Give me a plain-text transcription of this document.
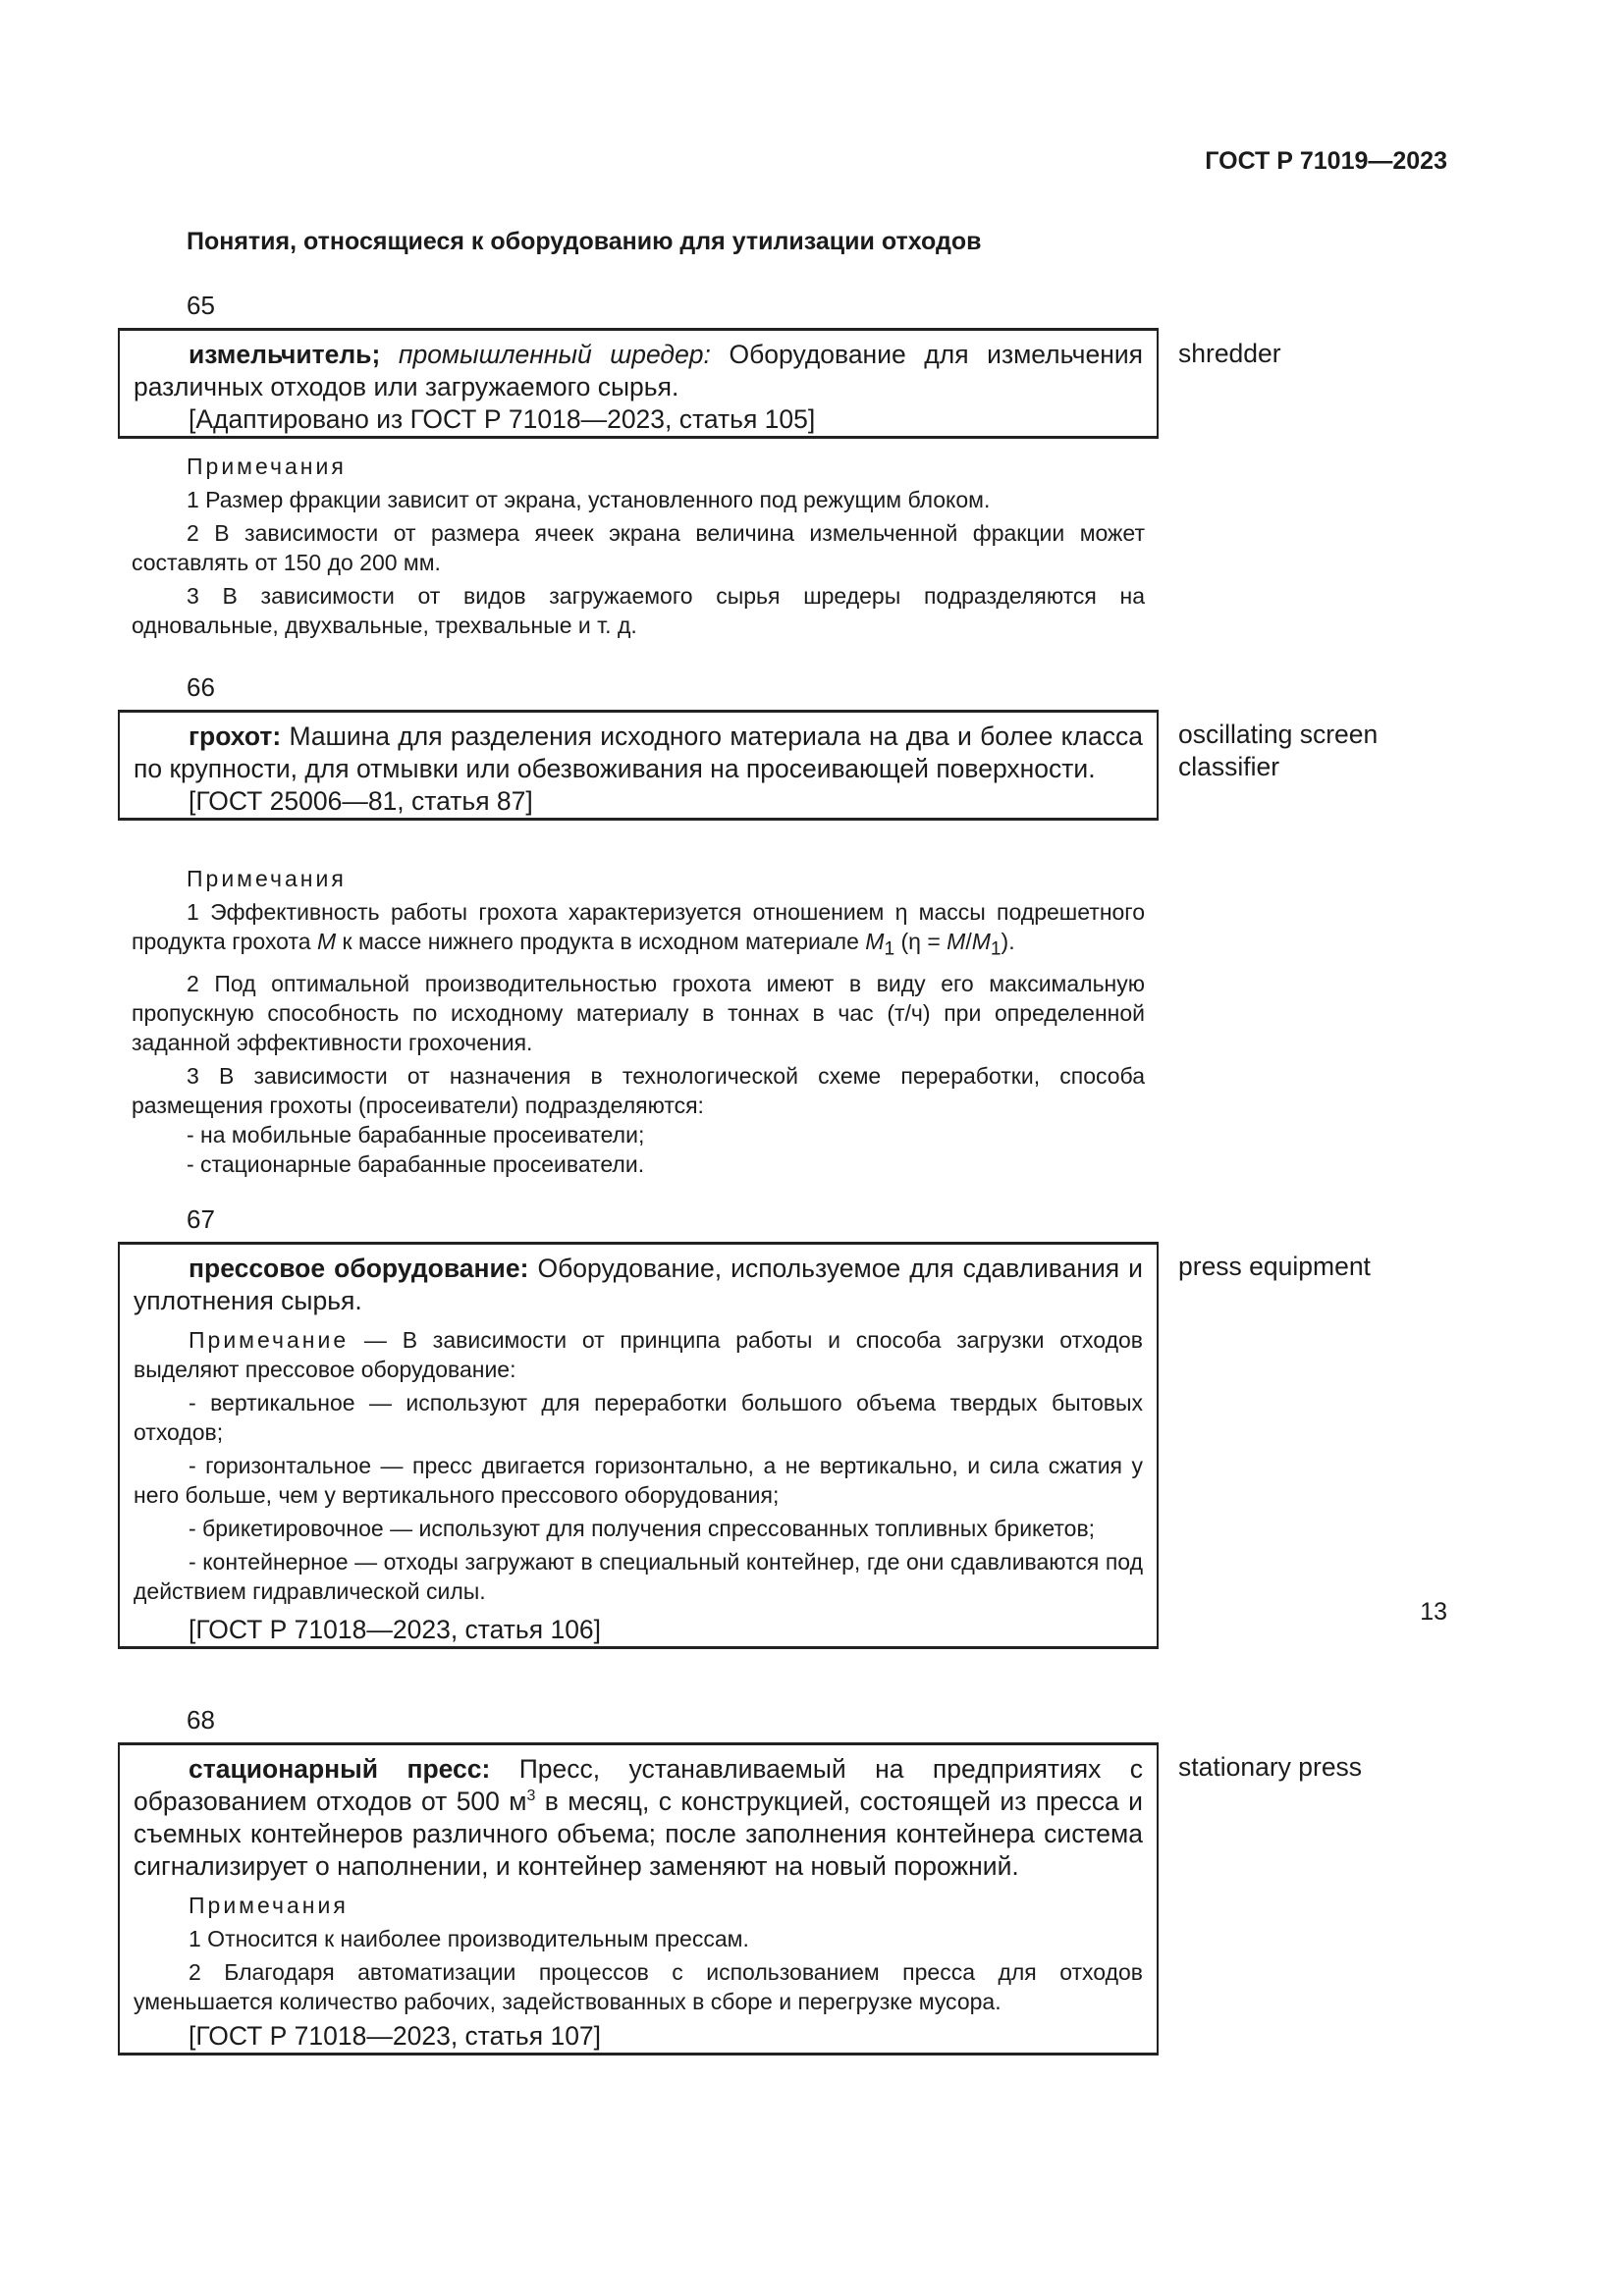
ГОСТ Р 71019—2023
Понятия, относящиеся к оборудованию для утилизации отходов
65

измельчитель; промышленный шредер: Оборудование для измельчения различных отходов или загружаемого сырья.

[Адаптировано из ГОСТ Р 71018—2023, статья 105]

shredder

Примечания

1 Размер фракции зависит от экрана, установленного под режущим блоком.

2 В зависимости от размера ячеек экрана величина измельченной фракции может составлять от 150 до 200 мм.

3 В зависимости от видов загружаемого сырья шредеры подразделяются на одновальные, двухвальные, трехвальные и т. д.

66

грохот: Машина для разделения исходного материала на два и более класса по крупности, для отмывки или обезвоживания на просеивающей поверхности.

[ГОСТ 25006—81, статья 87]

oscillating screen classifier

Примечания

1 Эффективность работы грохота характеризуется отношением η массы подрешетного продукта грохота M к массе нижнего продукта в исходном материале $M_1$ $(\eta = M/M_1)$.

2 Под оптимальной производительностью грохота имеют в виду его максимальную пропускную способность по исходному материалу в тоннах в час (т/ч) при определенной заданной эффективности грохочения.

3 В зависимости от назначения в технологической схеме переработки, способа размещения грохоты (просеиватели) подразделяются:

- на мобильные барабанные просеиватели;

- стационарные барабанные просеиватели.

67

прессовое оборудование: Оборудование, используемое для сдавливания и уплотнения сырья.

Примечание — В зависимости от принципа работы и способа загрузки отходов выделяют прессовое оборудование:

- вертикальное — используют для переработки большого объема твердых бытовых отходов;

- горизонтальное — пресс двигается горизонтально, а не вертикально, и сила сжатия у него больше, чем у вертикального прессового оборудования;

- брикетировочное — используют для получения спрессованных топливных брикетов;

- контейнерное — отходы загружают в специальный контейнер, где они сдавливаются под действием гидравлической силы.

[ГОСТ Р 71018—2023, статья 106]

press equipment
68

стационарный пресс: Пресс, устанавливаемый на предприятиях с образованием отходов от 500 $м^3$ в месяц, с конструкцией, состоящей из пресса и съемных контейнеров различного объема; после заполнения контейнера система сигнализирует о наполнении, и контейнер заменяют на новый порожний.

Примечания

1 Относится к наиболее производительным прессам.

2 Благодаря автоматизации процессов с использованием пресса для отходов уменьшается количество рабочих, задействованных в сборе и перегрузке мусора.

[ГОСТ Р 71018—2023, статья 107]

stationary press
13
